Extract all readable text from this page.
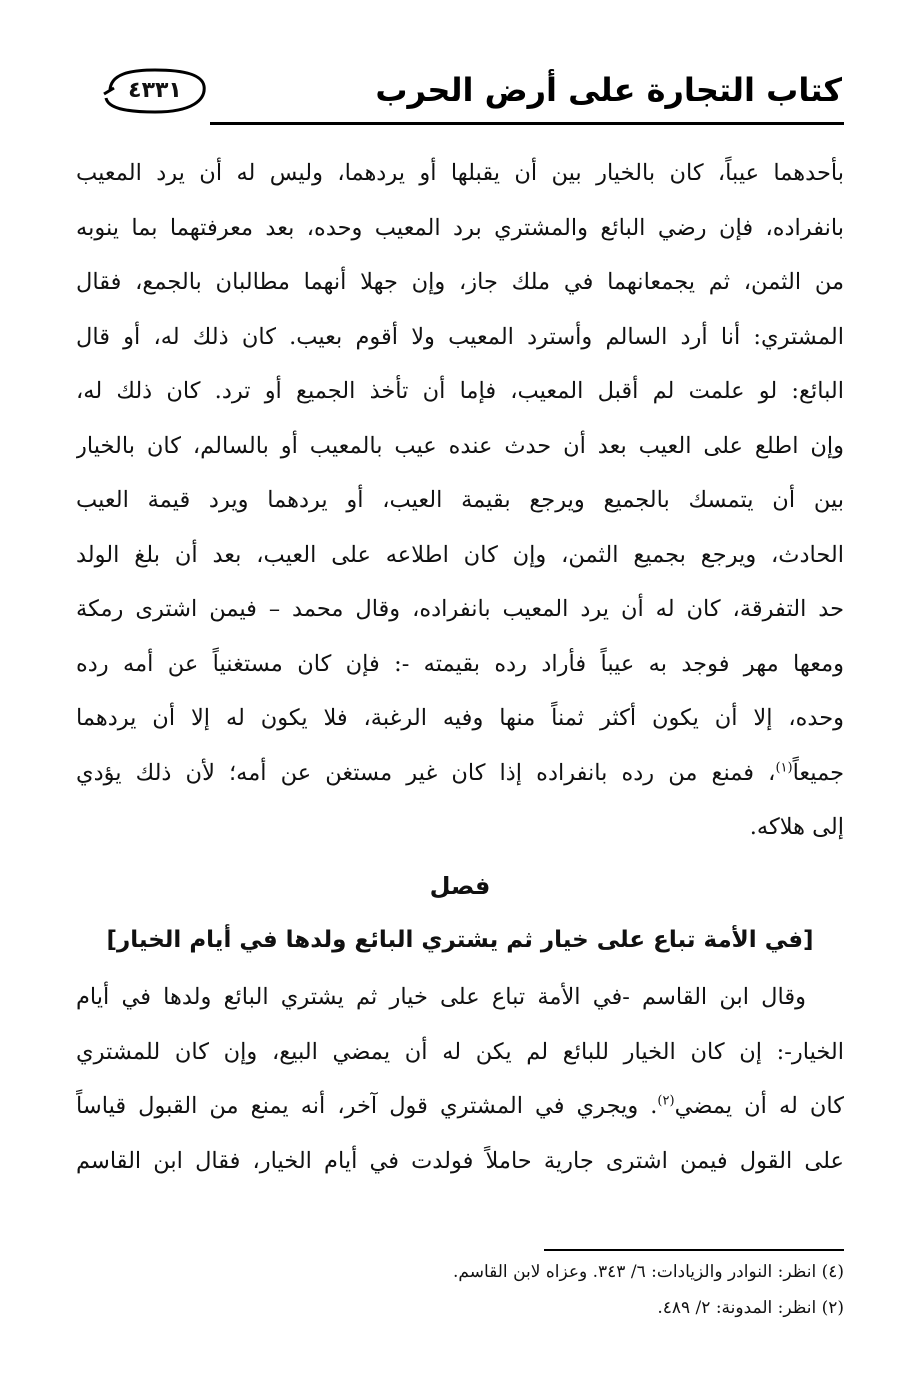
كتاب التجارة على أرض الحرب
٤٣٣١
بأحدهما عيباً، كان بالخيار بين أن يقبلها أو يردهما، وليس له أن يرد المعيب
بانفراده، فإن رضي البائع والمشتري برد المعيب وحده، بعد معرفتهما بما ينوبه
من الثمن، ثم يجمعانهما في ملك جاز، وإن جهلا أنهما مطالبان بالجمع، فقال
المشتري: أنا أرد السالم وأسترد المعيب ولا أقوم بعيب. كان ذلك له، أو قال
البائع: لو علمت لم أقبل المعيب، فإما أن تأخذ الجميع أو ترد. كان ذلك له،
وإن اطلع على العيب بعد أن حدث عنده عيب بالمعيب أو بالسالم، كان بالخيار
بين أن يتمسك بالجميع ويرجع بقيمة العيب، أو يردهما ويرد قيمة العيب
الحادث، ويرجع بجميع الثمن، وإن كان اطلاعه على العيب، بعد أن بلغ الولد
حد التفرقة، كان له أن يرد المعيب بانفراده، وقال محمد – فيمن اشترى رمكة
ومعها مهر فوجد به عيباً فأراد رده بقيمته -: فإن كان مستغنياً عن أمه رده
وحده، إلا أن يكون أكثر ثمناً منها وفيه الرغبة، فلا يكون له إلا أن يردهما
جميعاً$^{(١)}$، فمنع من رده بانفراده إذا كان غير مستغن عن أمه؛ لأن ذلك يؤدي
إلى هلاكه.
فصل
[في الأمة تباع على خيار ثم يشتري البائع ولدها في أيام الخيار]
وقال ابن القاسم -في الأمة تباع على خيار ثم يشتري البائع ولدها في أيام
الخيار-: إن كان الخيار للبائع لم يكن له أن يمضي البيع، وإن كان للمشتري
كان له أن يمضي$^{(٢)}$. ويجري في المشتري قول آخر، أنه يمنع من القبول قياساً
على القول فيمن اشترى جارية حاملاً فولدت في أيام الخيار، فقال ابن القاسم
(٤) انظر: النوادر والزيادات: ٦/ ٣٤٣. وعزاه لابن القاسم.
(٢) انظر: المدونة: ٢/ ٤٨٩.
